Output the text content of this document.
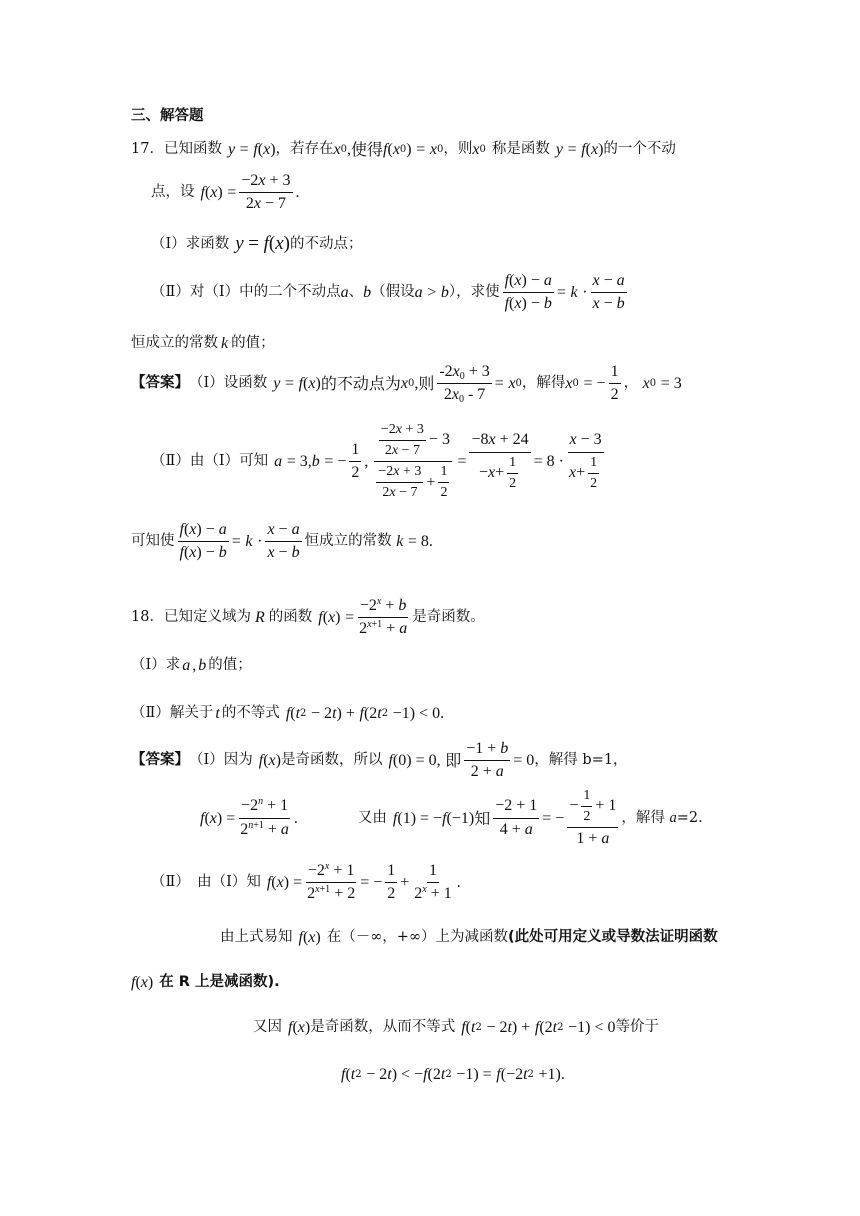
三、解答题
17． 已知函数 y
=
f ( x ) ，若存在 x 0 , 使得 f ( x 0 )
=
x 0 ，则 x 0 称是函数 y
=
f ( x ) 的一个不动
点，设 f ( x )
= $\frac{-2x + 3}{2x - 7}$ .
（Ⅰ）求函数 y
=
f ( x ) 的不动点；
（Ⅱ）对（Ⅰ）中的二个不动点 a 、 b （假设 a
>
b ），求使 $\frac{f(x) - a}{f(x) - b}$ =
k
·
x − a
x − b
恒成立的常数 k 的值；
【答案】 （Ⅰ）设函数 y
=
f ( x ) 的不动点为 x 0 , 则 $\frac{-2x_0 + 3}{2x_0 - 7}$ =
x 0 ，解得 x 0
= − $\frac{1}{2}$ ，
x 0
= 3
（Ⅱ）由（Ⅰ）可知 a
= 3, b
= − $\frac{1}{2}$ , −2x + 3
2x − 7
− 3
−2x + 3
2x − 7
+
1
2 = −8x + 24
− x +
1
2 = 8 ·
x − 3
x +
1
2
可知使 $\frac{f(x) - a}{f(x) - b}$ =
k
·
x − a
x − b
恒成立的常数
k
= 8.
18． 已知定义域为 R 的函数 f ( x )
= $\frac{-2^x + b}{2^{x+1} + a}$ 是奇函数。
（Ⅰ）求 a , b 的值；
（Ⅱ）解关于 t 的不等式 f ( t 2
− 2 t ) +
f (2 t 2
−1) < 0.
【答案】 （Ⅰ）因为 f ( x ) 是奇函数，所以 f (0) = 0,
即 $\frac{-1 + b}{2 + a} = 0$ ，解得 b=1，
f ( x ) = $\frac{-2^n + 1}{2^{n+1} + a}$ .	又由 f (1) = − f (−1) 知 $\frac{-2 + 1}{4 + a}$ = − −
1
2
+ 1
1 + a ，解得
a =2.
（Ⅱ）　由（Ⅰ）知 f ( x ) = $\frac{-2^x + 1}{2^{x+1} + 2}$ = − $\frac{1}{2} + \frac{1}{2^x + 1}$ .
由上式易知 f ( x ) 在（－∞，+∞）上为减函数 (此处可用定义或导数法证明函数
f ( x ) 在 R 上是减函数).
又因 f ( x ) 是奇函数，从而不等式 f ( t 2
− 2 t ) +
f (2 t 2
−1) < 0 等价于
f ( t 2
− 2 t ) < − f (2 t 2
−1) =
f (−2 t 2
+1).
